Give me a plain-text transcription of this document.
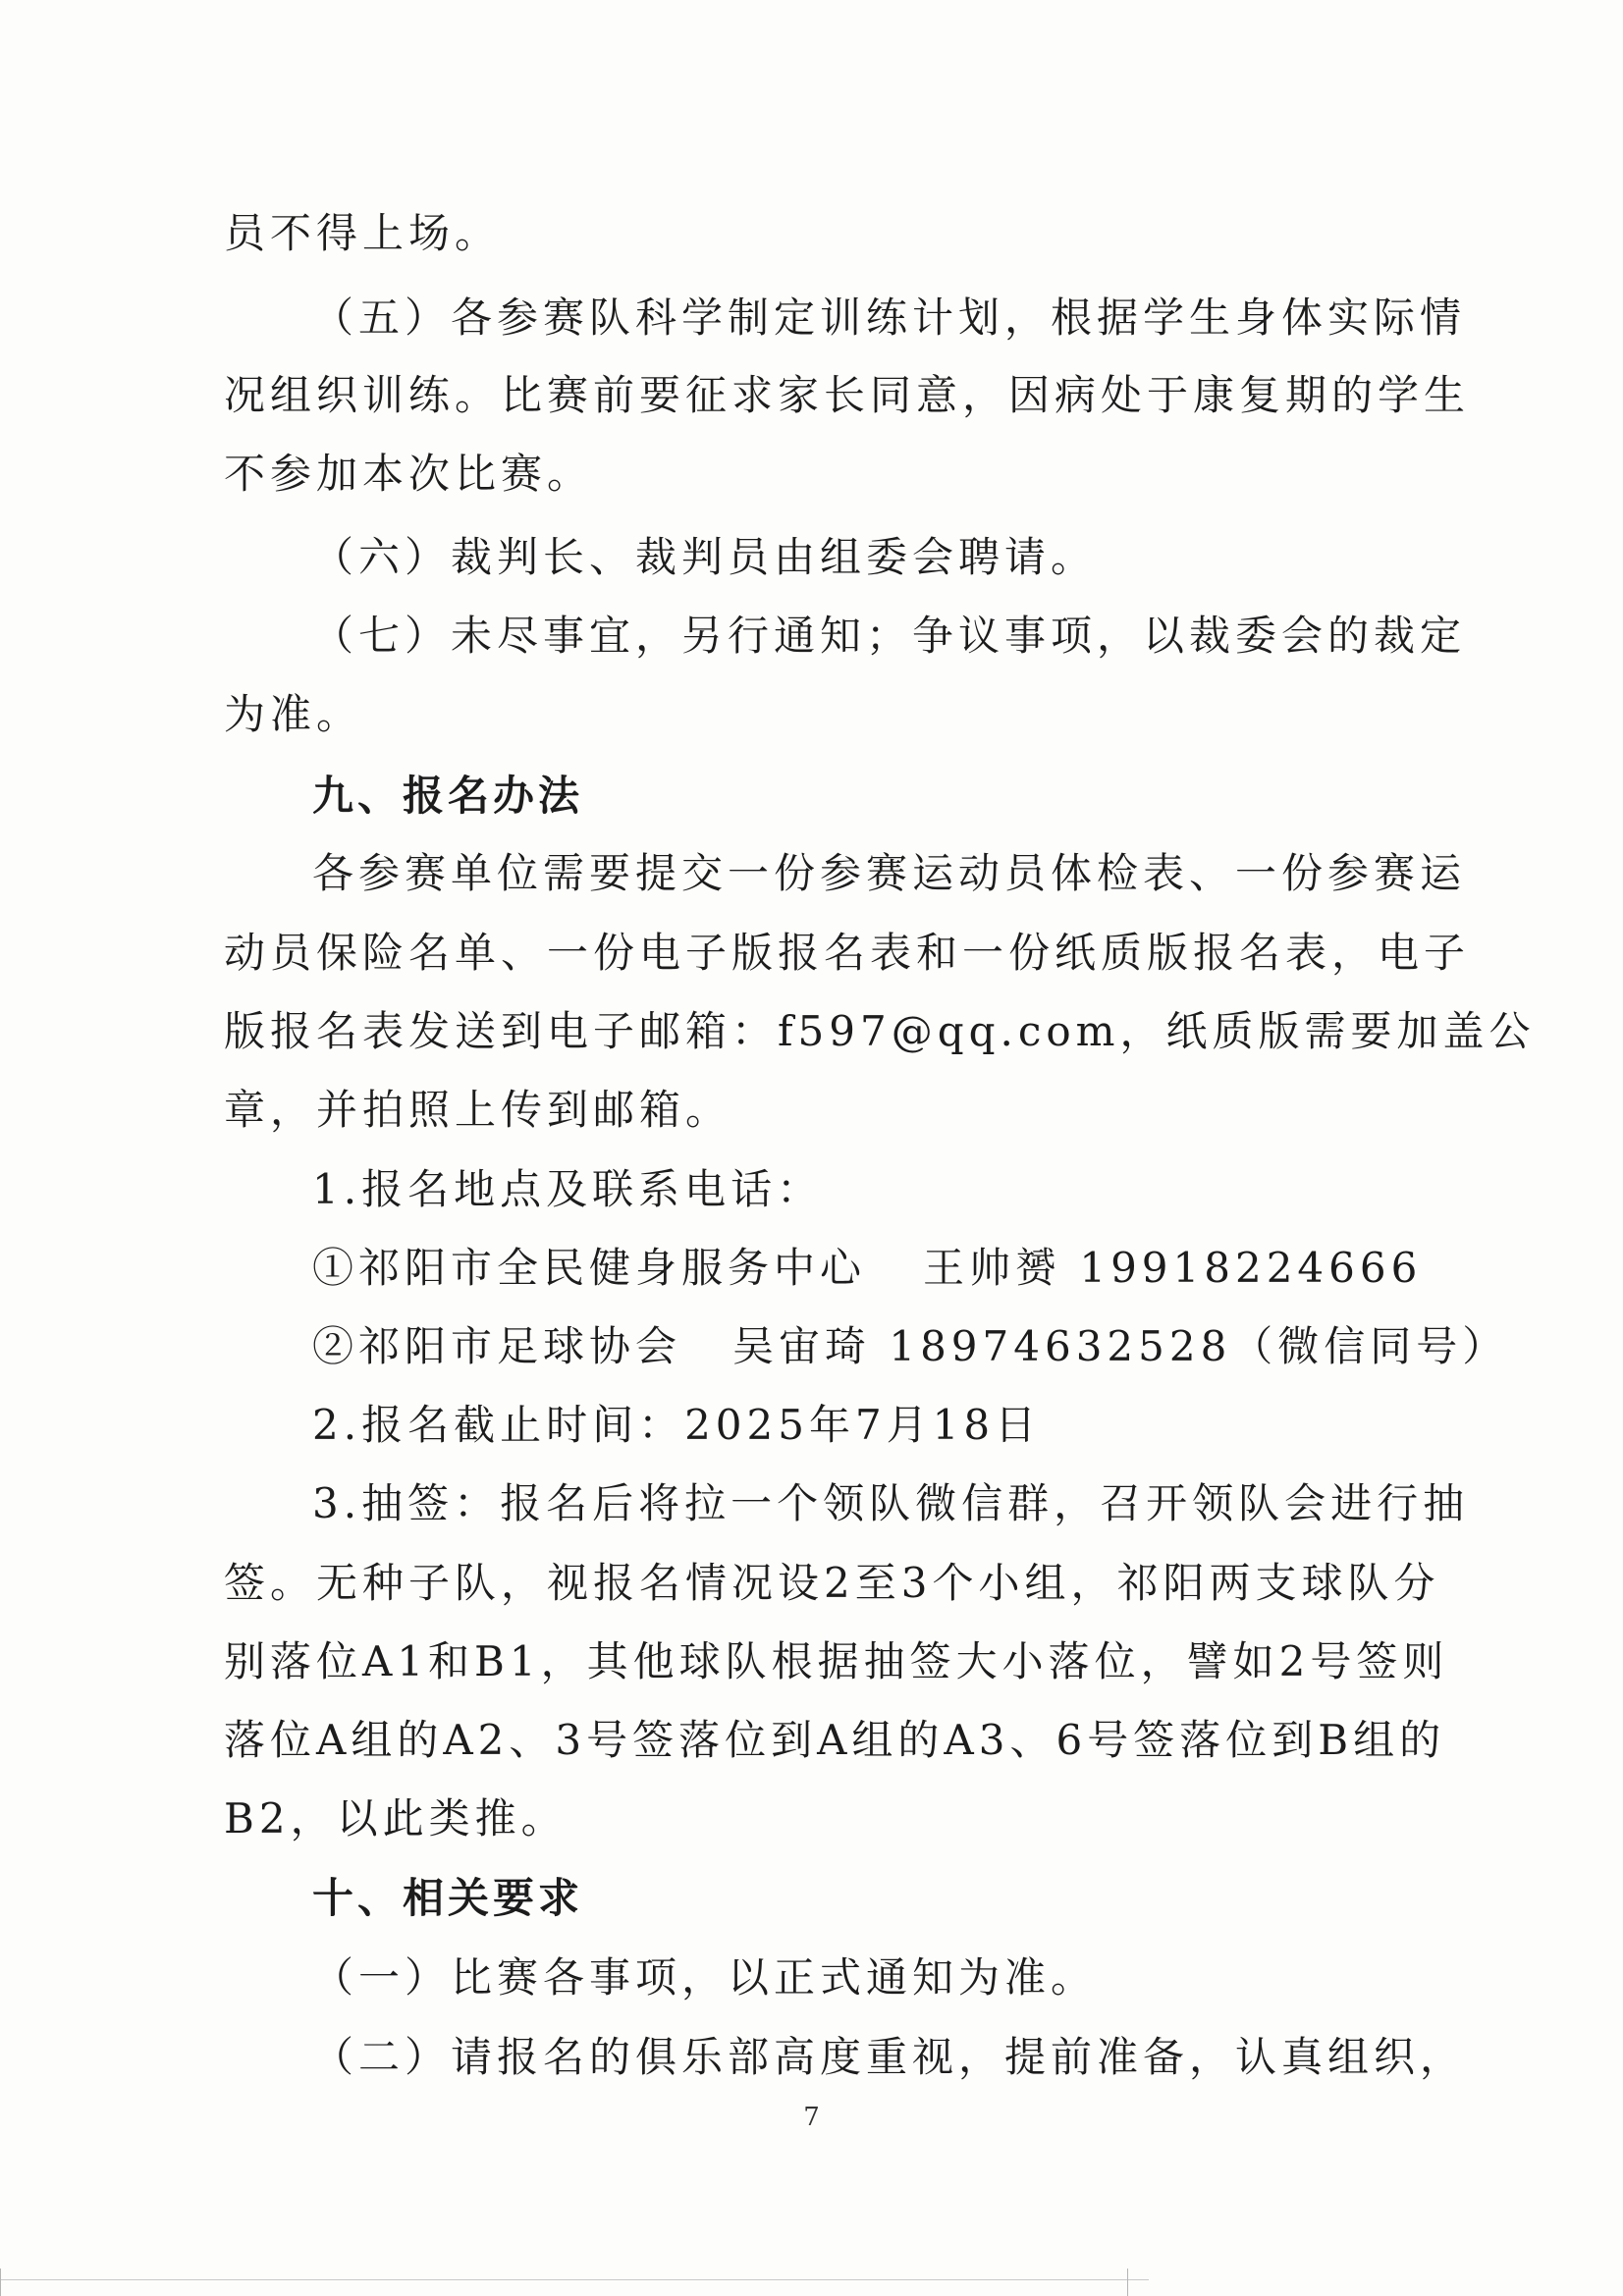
员不得上场。
（五）各参赛队科学制定训练计划，根据学生身体实际情
况组织训练。比赛前要征求家长同意，因病处于康复期的学生
不参加本次比赛。
（六）裁判长、裁判员由组委会聘请。
（七）未尽事宜，另行通知；争议事项，以裁委会的裁定
为准。
九、报名办法
各参赛单位需要提交一份参赛运动员体检表、一份参赛运
动员保险名单、一份电子版报名表和一份纸质版报名表，电子
版报名表发送到电子邮箱：f597@qq.com，纸质版需要加盖公
章，并拍照上传到邮箱。
1.报名地点及联系电话：
①祁阳市全民健身服务中心 王帅赟 19918224666
②祁阳市足球协会 吴宙琦 18974632528（微信同号）
2.报名截止时间：2025年7月18日
3.抽签：报名后将拉一个领队微信群，召开领队会进行抽
签。无种子队，视报名情况设2至3个小组，祁阳两支球队分
别落位A1和B1，其他球队根据抽签大小落位，譬如2号签则
落位A组的A2、3号签落位到A组的A3、6号签落位到B组的
B2，以此类推。
十、相关要求
（一）比赛各事项，以正式通知为准。
（二）请报名的俱乐部高度重视，提前准备，认真组织，
7
